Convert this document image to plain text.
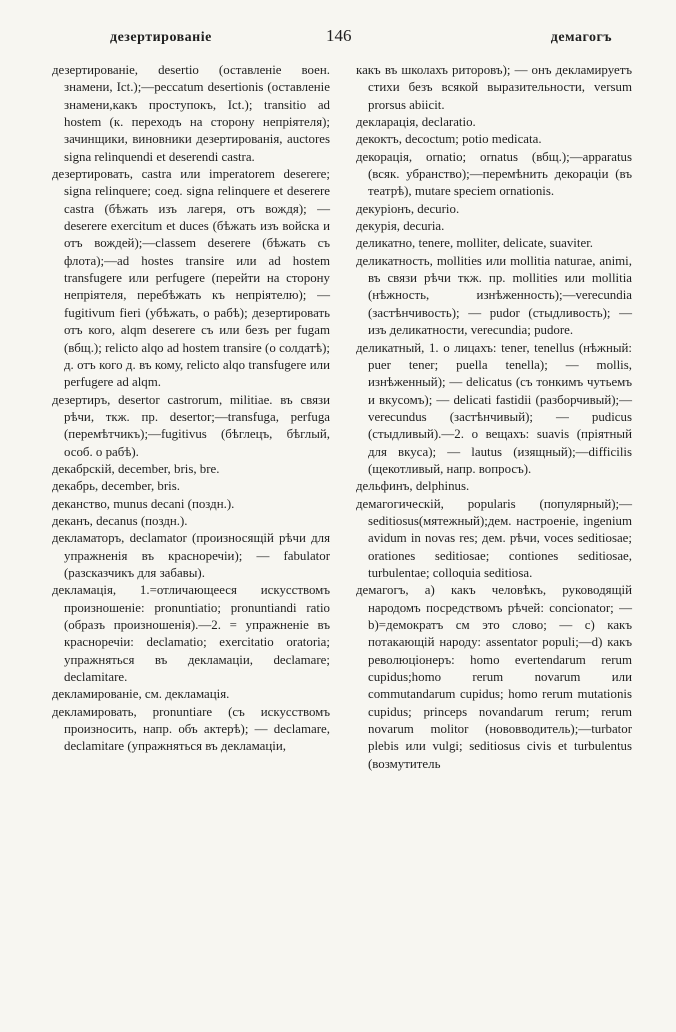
дезертированіе	146	демагогъ

дезертированіе, desertio (оставленіе воен. знамени, Ict.);—peccatum desertionis (оставленіе знамени,какъ проступокъ, Ict.); transitio ad hostem (к. переходъ на сторону непріятеля); зачинщики, виновники дезертированія, auctores signa relinquendi et deserendi castra.

дезертировать, castra или imperatorem deserere; signa relinquere; соед. signa relinquere et deserere castra (бѣжать изъ лагеря, отъ вождя); — deserere exercitum et duces (бѣжать изъ войска и отъ вождей);—classem deserere (бѣжать съ флота);—ad hostes transire или ad hostem transfugere или perfugere (перейти на сторону непріятеля, перебѣжать къ непріятелю); — fugitivum fieri (убѣжать, о рабѣ); дезертировать отъ кого, alqm deserere съ или безъ per fugam (вбщ.); relicto alqo ad hostem transire (о солдатѣ); д. отъ кого д. въ кому, relicto alqo transfugere или perfugere ad alqm.

дезертиръ, desertor castrorum, militiae. въ связи рѣчи, ткж. пр. desertor;—transfuga, perfuga (перемѣтчикъ);—fugitivus (бѣглецъ, бѣглый, особ. о рабѣ).

декабрскій, december, bris, bre.

декабрь, december, bris.

деканство, munus decani (поздн.).

деканъ, decanus (поздн.).

декламаторъ, declamator (произносящій рѣчи для упражненія въ красноречіи); — fabulator (разсказчикъ для забавы).

декламація, 1.=отличающееся искусствомъ произношеніе: pronuntiatio; pronuntiandi ratio (образъ произношенія).—2. = упражненіе въ красноречіи: declamatio; exercitatio oratoria; упражняться въ декламаціи, declamare; declamitare.

декламированіе, см. декламація.

декламировать, pronuntiare (съ искусствомъ произносить, напр. объ актерѣ); — declamare, declamitare (упражняться въ декламаціи,

какъ въ школахъ риторовъ); — онъ декламируетъ стихи безъ всякой выразительности, versum prorsus abiicit.

декларація, declaratio.

декоктъ, decoctum; potio medicata.

декорація, ornatio; ornatus (вбщ.);—apparatus (всяк. убранство);—перемѣнить декораціи (въ театрѣ), mutare speciem ornationis.

декуріонъ, decurio.

декурія, decuria.

деликатно, tenere, molliter, delicate, suaviter.

деликатность, mollities или mollitia naturae, animi, въ связи рѣчи ткж. пр. mollities или mollitia (нѣжность, изнѣженность);—verecundia (застѣнчивость); — pudor (стыдливость); — изъ деликатности, verecundia; pudore.

деликатный, 1. о лицахъ: tener, tenellus (нѣжный: puer tener; puella tenella); — mollis, изнѣженный); — delicatus (съ тонкимъ чутьемъ и вкусомъ); — delicati fastidii (разборчивый);—verecundus (застѣнчивый); — pudicus (стыдливый).—2. о вещахъ: suavis (пріятный для вкуса); — lautus (изящный);—difficilis (щекотливый, напр. вопросъ).

дельфинъ, delphinus.

демагогическій, popularis (популярный);—seditiosus(мятежный);дем. настроеніе, ingenium avidum in novas res; дем. рѣчи, voces seditiosae; orationes seditiosae; contiones seditiosae, turbulentae; colloquia seditiosa.

демагогъ, a) какъ человѣкъ, руководящій народомъ посредствомъ рѣчей: concionator; — b)=демократъ см это слово; — c) какъ потакающій народу: assentator populi;—d) какъ революціонеръ: homo evertendarum rerum cupidus;homo rerum novarum или commutandarum cupidus; homo rerum mutationis cupidus; princeps novandarum rerum; rerum novarum molitor (нововводитель);—turbator plebis или vulgi; seditiosus civis et turbulentus (возмутитель
